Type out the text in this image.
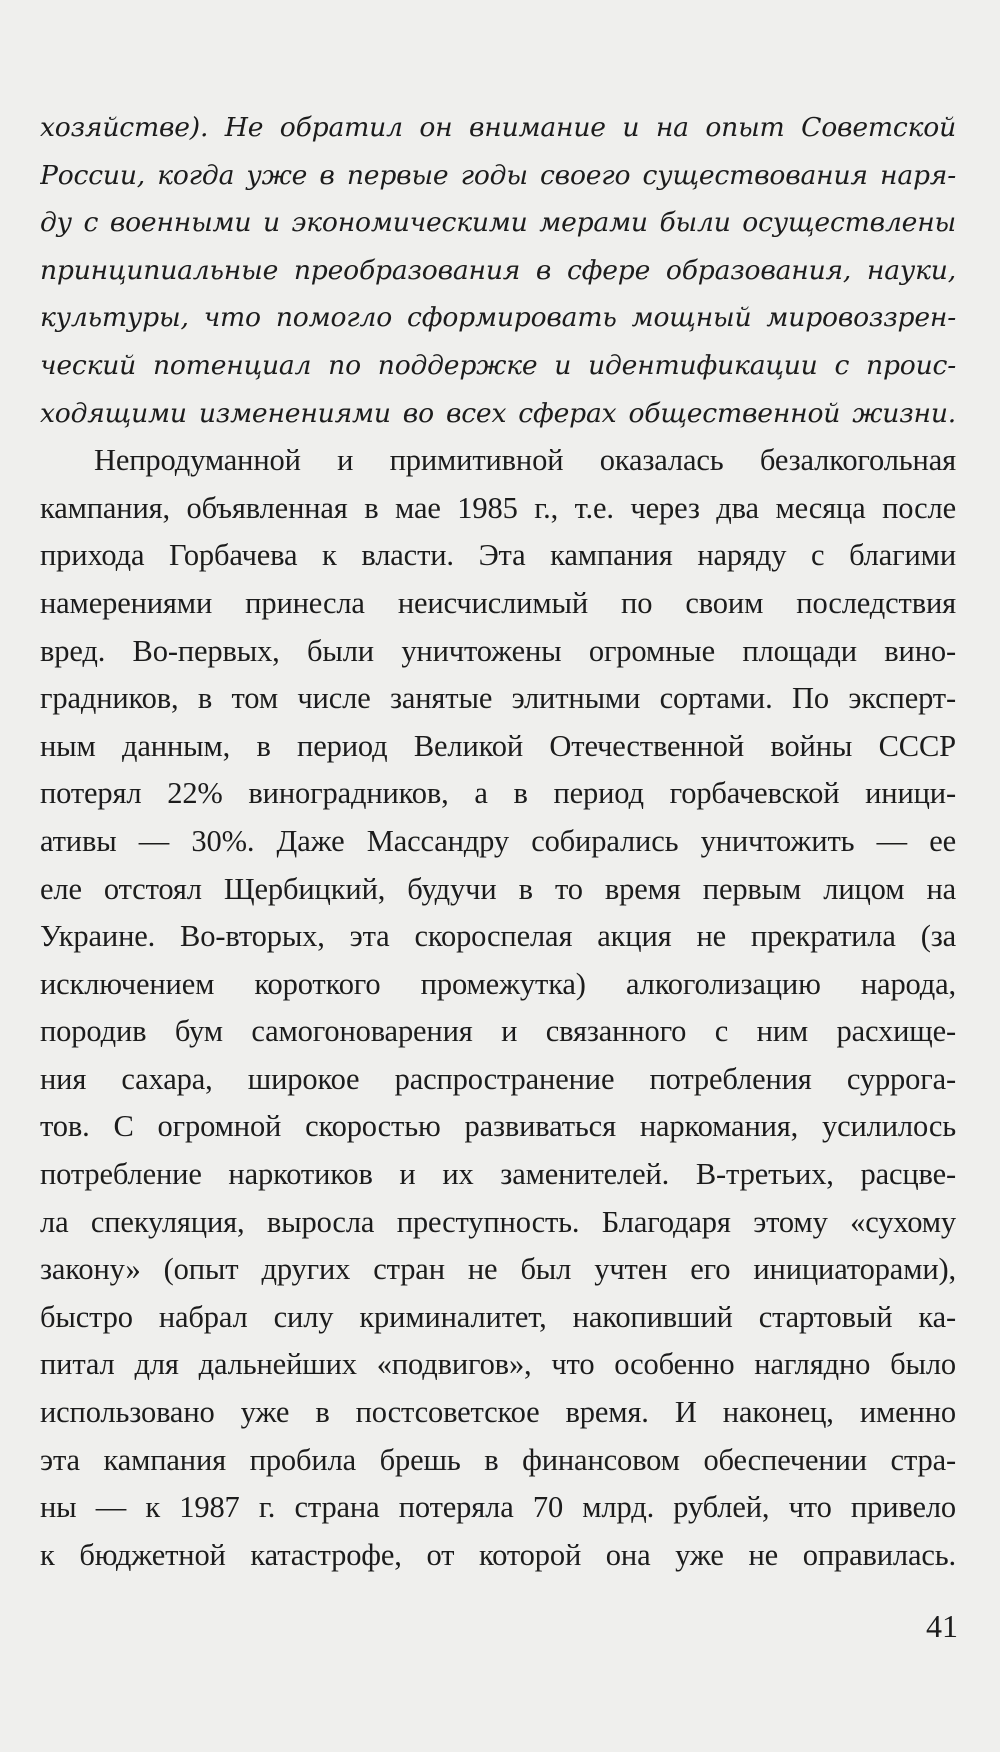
хозяйстве). Не обратил он внимание и на опыт Советской
России, когда уже в первые годы своего существования наря-
ду с военными и экономическими мерами были осуществлены
принципиальные преобразования в сфере образования, науки,
культуры, что помогло сформировать мощный мировоззрен-
ческий потенциал по поддержке и идентификации с проис-
ходящими изменениями во всех сферах общественной жизни.
Непродуманной и примитивной оказалась безалкогольная
кампания, объявленная в мае 1985 г., т.е. через два месяца после
прихода Горбачева к власти. Эта кампания наряду с благими
намерениями принесла неисчислимый по своим последствия
вред. Во-первых, были уничтожены огромные площади вино-
градников, в том числе занятые элитными сортами. По эксперт-
ным данным, в период Великой Отечественной войны СССР
потерял 22% виноградников, а в период горбачевской иници-
ативы — 30%. Даже Массандру собирались уничтожить — ее
еле отстоял Щербицкий, будучи в то время первым лицом на
Украине. Во-вторых, эта скороспелая акция не прекратила (за
исключением короткого промежутка) алкоголизацию народа,
породив бум самогоноварения и связанного с ним расхище-
ния сахара, широкое распространение потребления суррога-
тов. С огромной скоростью развиваться наркомания, усилилось
потребление наркотиков и их заменителей. В-третьих, расцве-
ла спекуляция, выросла преступность. Благодаря этому «сухому
закону» (опыт других стран не был учтен его инициаторами),
быстро набрал силу криминалитет, накопивший стартовый ка-
питал для дальнейших «подвигов», что особенно наглядно было
использовано уже в постсоветское время. И наконец, именно
эта кампания пробила брешь в финансовом обеспечении стра-
ны — к 1987 г. страна потеряла 70 млрд. рублей, что привело
к бюджетной катастрофе, от которой она уже не оправилась.
41
